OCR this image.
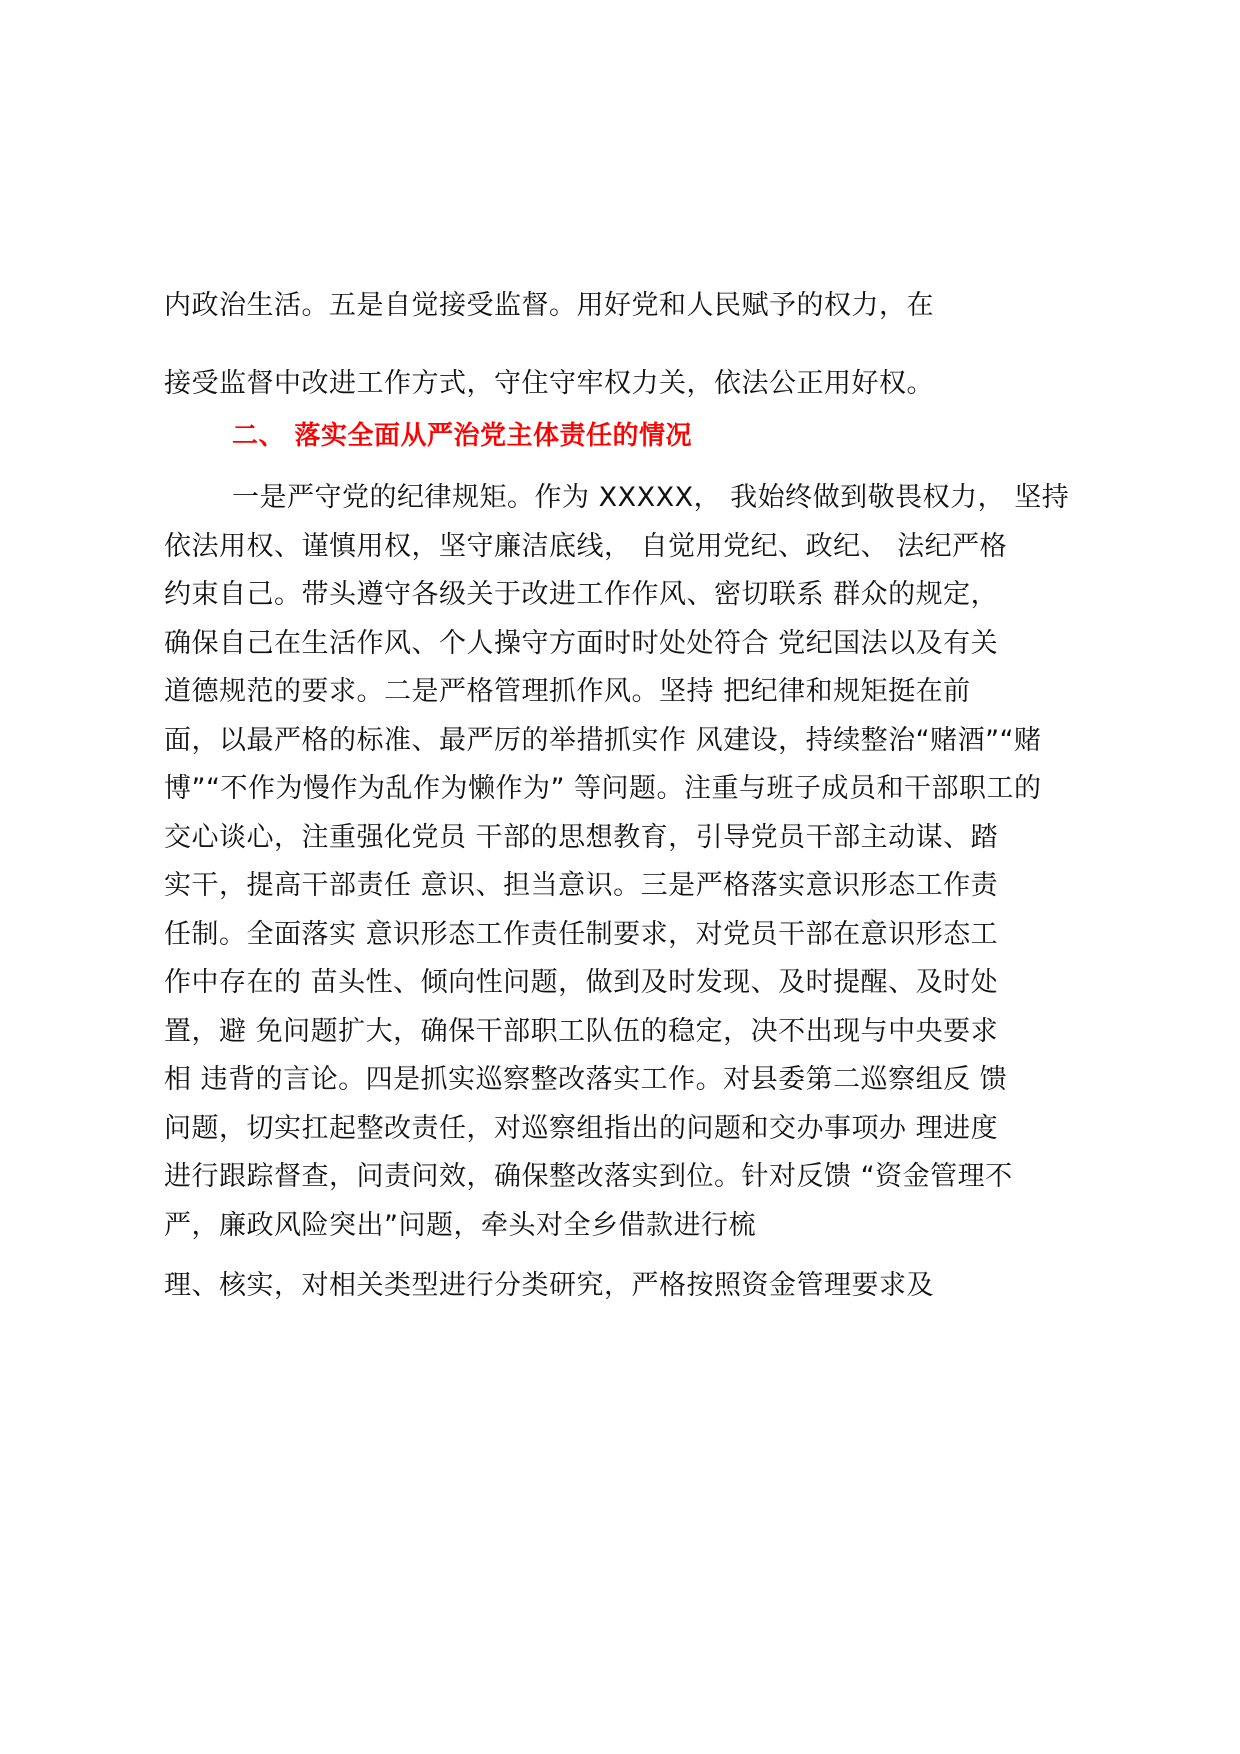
内政治生活。五是自觉接受监督。用好党和人民赋予的权力，在
接受监督中改进工作方式，守住守牢权力关，依法公正用好权。
二、 落实全面从严治党主体责任的情况
一是严守党的纪律规矩。作为 XXXXX， 我始终做到敬畏权力， 坚持
依法用权、谨慎用权，坚守廉洁底线， 自觉用党纪、政纪、 法纪严格
约束自己。带头遵守各级关于改进工作作风、密切联系 群众的规定，
确保自己在生活作风、个人操守方面时时处处符合 党纪国法以及有关
道德规范的要求。二是严格管理抓作风。坚持 把纪律和规矩挺在前
面，以最严格的标准、最严厉的举措抓实作 风建设，持续整治“赌酒”“赌
博”“不作为慢作为乱作为懒作为” 等问题。注重与班子成员和干部职工的
交心谈心，注重强化党员 干部的思想教育，引导党员干部主动谋、踏
实干，提高干部责任 意识、担当意识。三是严格落实意识形态工作责
任制。全面落实 意识形态工作责任制要求，对党员干部在意识形态工
作中存在的 苗头性、倾向性问题，做到及时发现、及时提醒、及时处
置，避 免问题扩大，确保干部职工队伍的稳定，决不出现与中央要求
相 违背的言论。四是抓实巡察整改落实工作。对县委第二巡察组反 馈
问题，切实扛起整改责任，对巡察组指出的问题和交办事项办 理进度
进行跟踪督查，问责问效，确保整改落实到位。针对反馈 “资金管理不
严，廉政风险突出”问题，牵头对全乡借款进行梳
理、核实，对相关类型进行分类研究，严格按照资金管理要求及
